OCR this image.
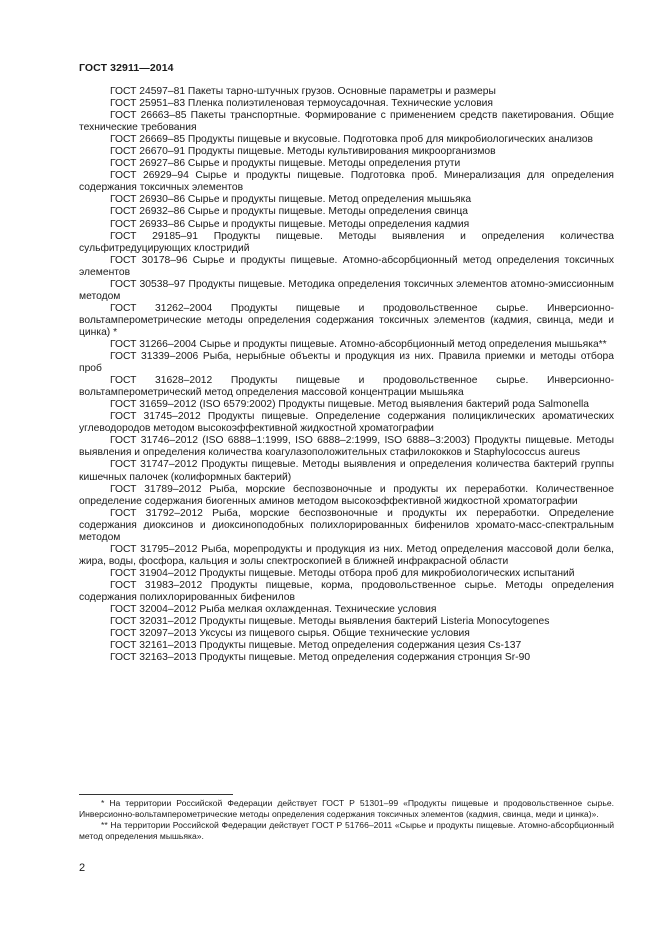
ГОСТ 32911—2014
ГОСТ 24597–81 Пакеты тарно-штучных грузов. Основные параметры и размеры
ГОСТ 25951–83 Пленка полиэтиленовая термоусадочная. Технические условия
ГОСТ 26663–85 Пакеты транспортные. Формирование с применением средств пакетирования. Общие технические требования
ГОСТ 26669–85 Продукты пищевые и вкусовые. Подготовка проб для микробиологических анализов
ГОСТ 26670–91 Продукты пищевые. Методы культивирования микроорганизмов
ГОСТ 26927–86 Сырье и продукты пищевые. Методы определения ртути
ГОСТ 26929–94 Сырье и продукты пищевые. Подготовка проб. Минерализация для определения содержания токсичных элементов
ГОСТ 26930–86 Сырье и продукты пищевые. Метод определения мышьяка
ГОСТ 26932–86 Сырье и продукты пищевые. Методы определения свинца
ГОСТ 26933–86 Сырье и продукты пищевые. Методы определения кадмия
ГОСТ 29185–91 Продукты пищевые. Методы выявления и определения количества сульфитредуцирующих клостридий
ГОСТ 30178–96 Сырье и продукты пищевые. Атомно-абсорбционный метод определения токсичных элементов
ГОСТ 30538–97 Продукты пищевые. Методика определения токсичных элементов атомно-эмиссионным методом
ГОСТ 31262–2004 Продукты пищевые и продовольственное сырье. Инверсионно-вольтамперометрические методы определения содержания токсичных элементов (кадмия, свинца, меди и цинка) *
ГОСТ 31266–2004 Сырье и продукты пищевые. Атомно-абсорбционный метод определения мышьяка**
ГОСТ 31339–2006 Рыба, нерыбные объекты и продукция из них. Правила приемки и методы отбора проб
ГОСТ 31628–2012 Продукты пищевые и продовольственное сырье. Инверсионно-вольтамперометрический метод определения массовой концентрации мышьяка
ГОСТ 31659–2012 (ISO 6579:2002) Продукты пищевые. Метод выявления бактерий рода Salmonella
ГОСТ 31745–2012 Продукты пищевые. Определение содержания полициклических ароматических углеводородов методом высокоэффективной жидкостной хроматографии
ГОСТ 31746–2012 (ISO 6888–1:1999, ISO 6888–2:1999, ISO 6888–3:2003) Продукты пищевые. Методы выявления и определения количества коагулазоположительных стафилококков и Staphylococcus aureus
ГОСТ 31747–2012 Продукты пищевые. Методы выявления и определения количества бактерий группы кишечных палочек (колиформных бактерий)
ГОСТ 31789–2012 Рыба, морские беспозвоночные и продукты их переработки. Количественное определение содержания биогенных аминов методом высокоэффективной жидкостной хроматографии
ГОСТ 31792–2012 Рыба, морские беспозвоночные и продукты их переработки. Определение содержания диоксинов и диоксиноподобных полихлорированных бифенилов хромато-масс-спектральным методом
ГОСТ 31795–2012 Рыба, морепродукты и продукция из них. Метод определения массовой доли белка, жира, воды, фосфора, кальция и золы спектроскопией в ближней инфракрасной области
ГОСТ 31904–2012 Продукты пищевые. Методы отбора проб для микробиологических испытаний
ГОСТ 31983–2012 Продукты пищевые, корма, продовольственное сырье. Методы определения содержания полихлорированных бифенилов
ГОСТ 32004–2012 Рыба мелкая охлажденная. Технические условия
ГОСТ 32031–2012 Продукты пищевые. Методы выявления бактерий Listeria Monocytogenes
ГОСТ 32097–2013 Уксусы из пищевого сырья. Общие технические условия
ГОСТ 32161–2013 Продукты пищевые. Метод определения содержания цезия Cs-137
ГОСТ 32163–2013 Продукты пищевые. Метод определения содержания стронция Sr-90
* На территории Российской Федерации действует ГОСТ Р 51301–99 «Продукты пищевые и продовольственное сырье. Инверсионно-вольтамперометрические методы определения содержания токсичных элементов (кадмия, свинца, меди и цинка)».
** На территории Российской Федерации действует ГОСТ Р 51766–2011 «Сырье и продукты пищевые. Атомно-абсорбционный метод определения мышьяка».
2
